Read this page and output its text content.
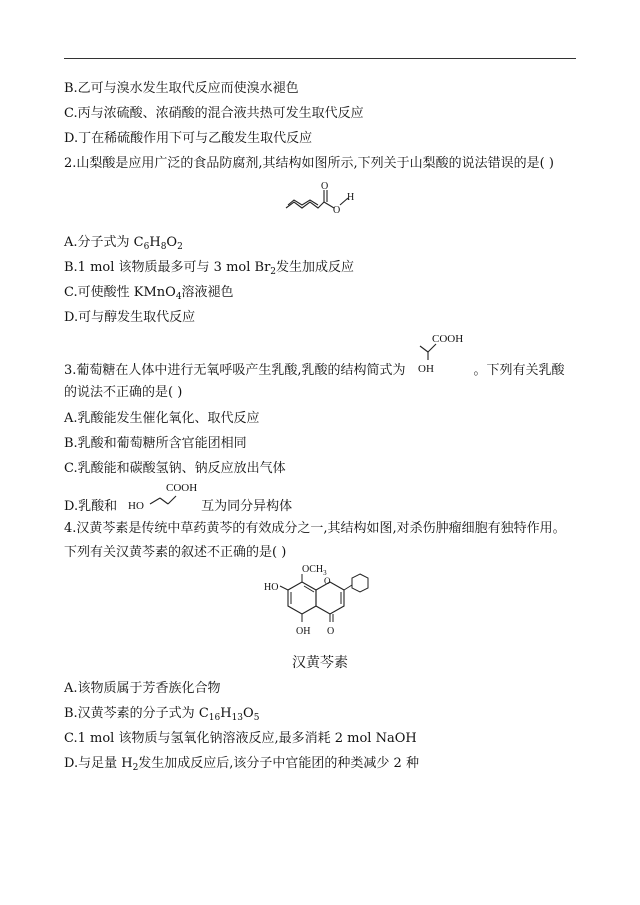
B.乙可与溴水发生取代反应而使溴水褪色
C.丙与浓硫酸、浓硝酸的混合液共热可发生取代反应
D.丁在稀硫酸作用下可与乙酸发生取代反应
2.山梨酸是应用广泛的食品防腐剂,其结构如图所示,下列关于山梨酸的说法错误的是( )
O
O
H
A.分子式为 $C_6H_8O_2$
B.1 mol 该物质最多可与 3 mol $Br_2$发生加成反应
C.可使酸性 KMnO$_4$溶液褪色
D.可与醇发生取代反应
COOH
OH
3.葡萄糖在人体中进行无氧呼吸产生乳酸,乳酸的结构简式为	。下列有关乳酸
的说法不正确的是( )
A.乳酸能发生催化氧化、取代反应
B.乳酸和葡萄糖所含官能团相同
C.乳酸能和碳酸氢钠、钠反应放出气体
COOH
HO
D.乳酸和	互为同分异构体
4.汉黄芩素是传统中草药黄芩的有效成分之一,其结构如图,对杀伤肿瘤细胞有独特作用。
下列有关汉黄芩素的叙述不正确的是( )
$OCH_3$
HO
OH
O
O
汉黄芩素
A.该物质属于芳香族化合物
B.汉黄芩素的分子式为 $C_{16}H_{13}O_5$
C.1 mol 该物质与氢氧化钠溶液反应,最多消耗 2 mol NaOH
D.与足量 $H_2$发生加成反应后,该分子中官能团的种类减少 2 种
